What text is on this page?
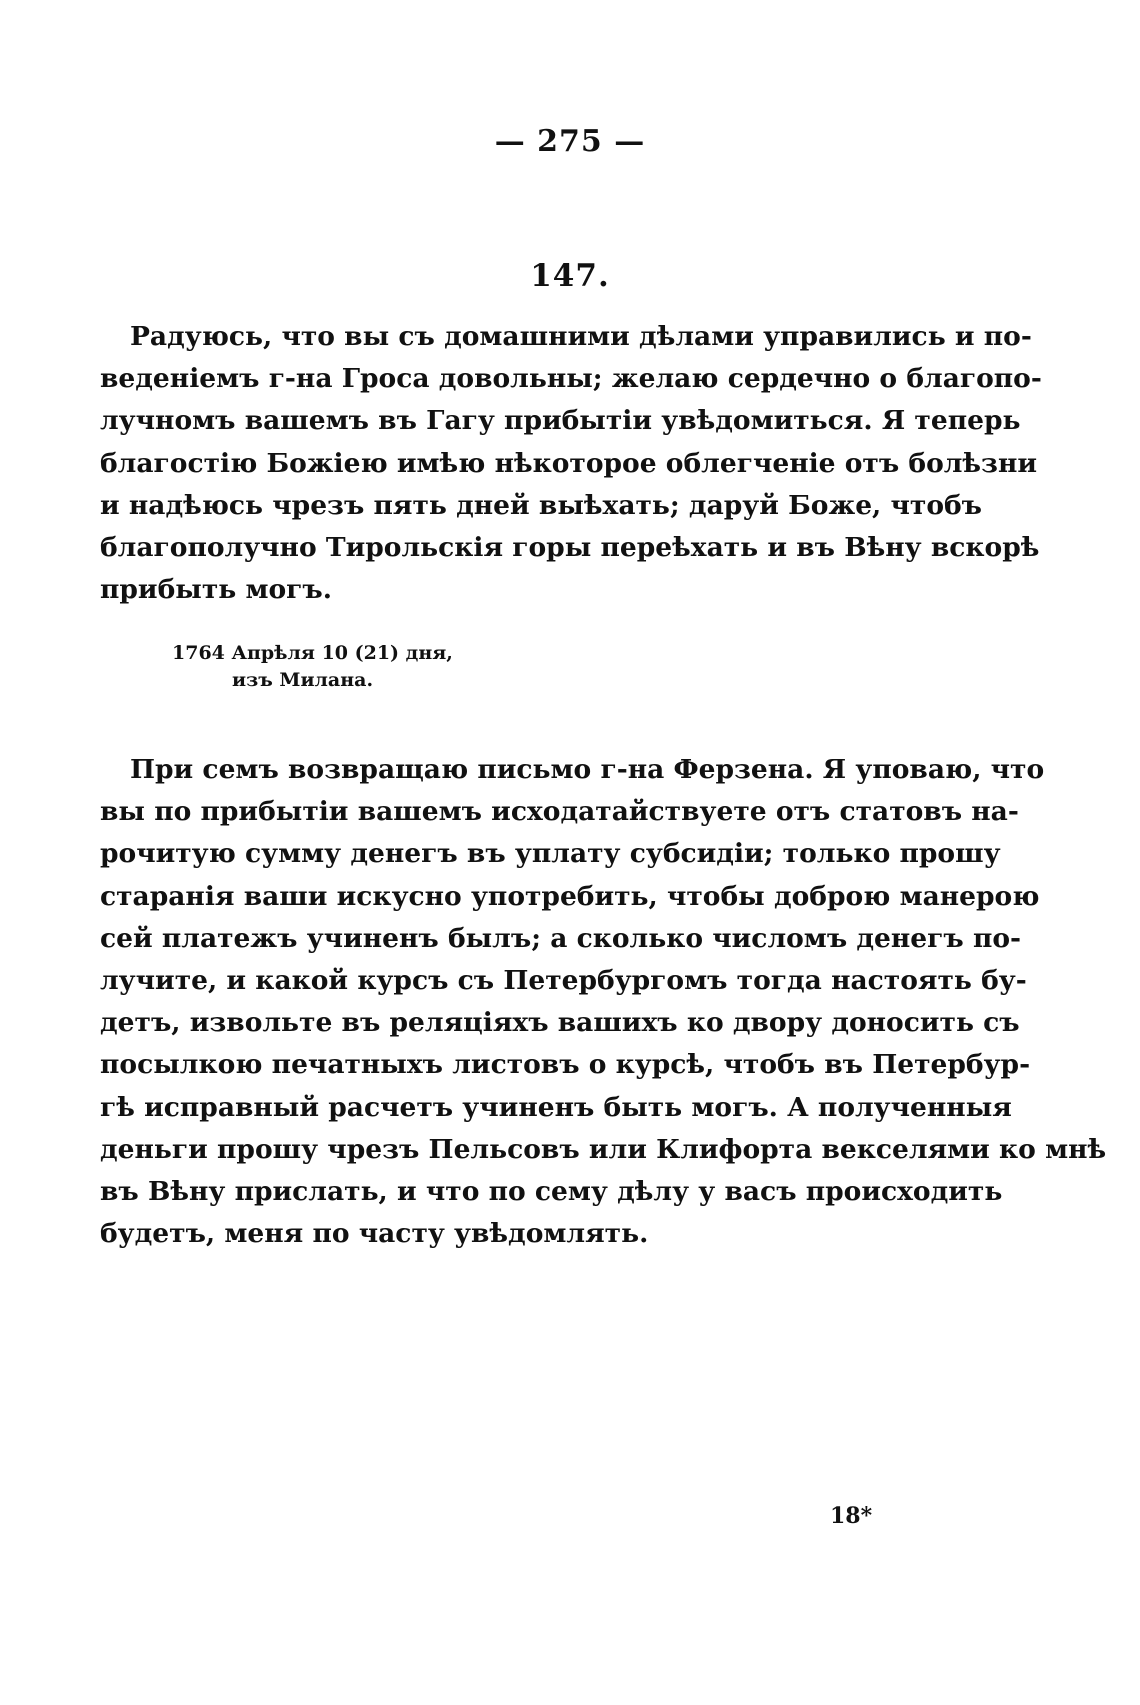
— 275 —
147.
Радуюсь, что вы съ домашними дѣлами управились и по-
веденіемъ г-на Гроса довольны; желаю сердечно о благопо-
лучномъ вашемъ въ Гагу прибытіи увѣдомиться. Я теперь
благостію Божіею имѣю нѣкоторое облегченіе отъ болѣзни
и надѣюсь чрезъ пять дней выѣхать; даруй Боже, чтобъ
благополучно Тирольскія горы переѣхать и въ Вѣну вскорѣ
прибыть могъ.
1764 Апрѣля 10 (21) дня,
изъ Милана.
При семъ возвращаю письмо г-на Ферзена. Я уповаю, что
вы по прибытіи вашемъ исходатайствуете отъ статовъ на-
рочитую сумму денегъ въ уплату субсидіи; только прошу
старанія ваши искусно употребить, чтобы доброю манерою
сей платежъ учиненъ былъ; а сколько числомъ денегъ по-
лучите, и какой курсъ съ Петербургомъ тогда настоять бу-
детъ, извольте въ реляціяхъ вашихъ ко двору доносить съ
посылкою печатныхъ листовъ о курсѣ, чтобъ въ Петербур-
гѣ исправный расчетъ учиненъ быть могъ. А полученныя
деньги прошу чрезъ Пельсовъ или Клифорта векселями ко мнѣ
въ Вѣну прислать, и что по сему дѣлу у васъ происходить
будетъ, меня по часту увѣдомлять.
18*
